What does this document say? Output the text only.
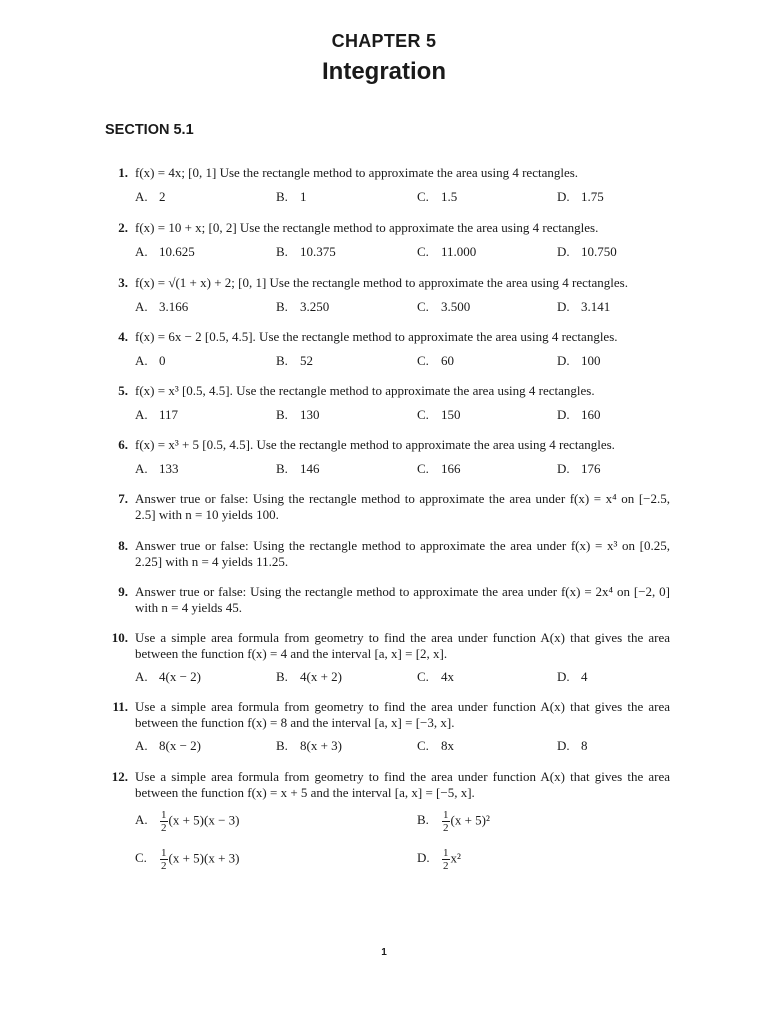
CHAPTER 5
Integration
SECTION 5.1
1. f(x) = 4x; [0, 1] Use the rectangle method to approximate the area using 4 rectangles.
A. 2	B. 1	C. 1.5	D. 1.75
2. f(x) = 10 + x; [0, 2] Use the rectangle method to approximate the area using 4 rectangles.
A. 10.625	B. 10.375	C. 11.000	D. 10.750
3. f(x) = √(1 + x) + 2; [0, 1] Use the rectangle method to approximate the area using 4 rectangles.
A. 3.166	B. 3.250	C. 3.500	D. 3.141
4. f(x) = 6x − 2 [0.5, 4.5]. Use the rectangle method to approximate the area using 4 rectangles.
A. 0	B. 52	C. 60	D. 100
5. f(x) = x³ [0.5, 4.5]. Use the rectangle method to approximate the area using 4 rectangles.
A. 117	B. 130	C. 150	D. 160
6. f(x) = x³ + 5 [0.5, 4.5]. Use the rectangle method to approximate the area using 4 rectangles.
A. 133	B. 146	C. 166	D. 176
7. Answer true or false: Using the rectangle method to approximate the area under f(x) = x⁴ on [−2.5, 2.5] with n = 10 yields 100.
8. Answer true or false: Using the rectangle method to approximate the area under f(x) = x³ on [0.25, 2.25] with n = 4 yields 11.25.
9. Answer true or false: Using the rectangle method to approximate the area under f(x) = 2x⁴ on [−2, 0] with n = 4 yields 45.
10. Use a simple area formula from geometry to find the area under function A(x) that gives the area between the function f(x) = 4 and the interval [a, x] = [2, x].
A. 4(x − 2)	B. 4(x + 2)	C. 4x	D. 4
11. Use a simple area formula from geometry to find the area under function A(x) that gives the area between the function f(x) = 8 and the interval [a, x] = [−3, x].
A. 8(x − 2)	B. 8(x + 3)	C. 8x	D. 8
12. Use a simple area formula from geometry to find the area under function A(x) that gives the area between the function f(x) = x + 5 and the interval [a, x] = [−5, x].
A. $\frac{1}{2} (x + 5)(x - 3)$	B. $\frac{1}{2} (x + 5)^2$
C. $\frac{1}{2} (x + 5)(x + 3)$	D. $\frac{1}{2} x^2$
1
